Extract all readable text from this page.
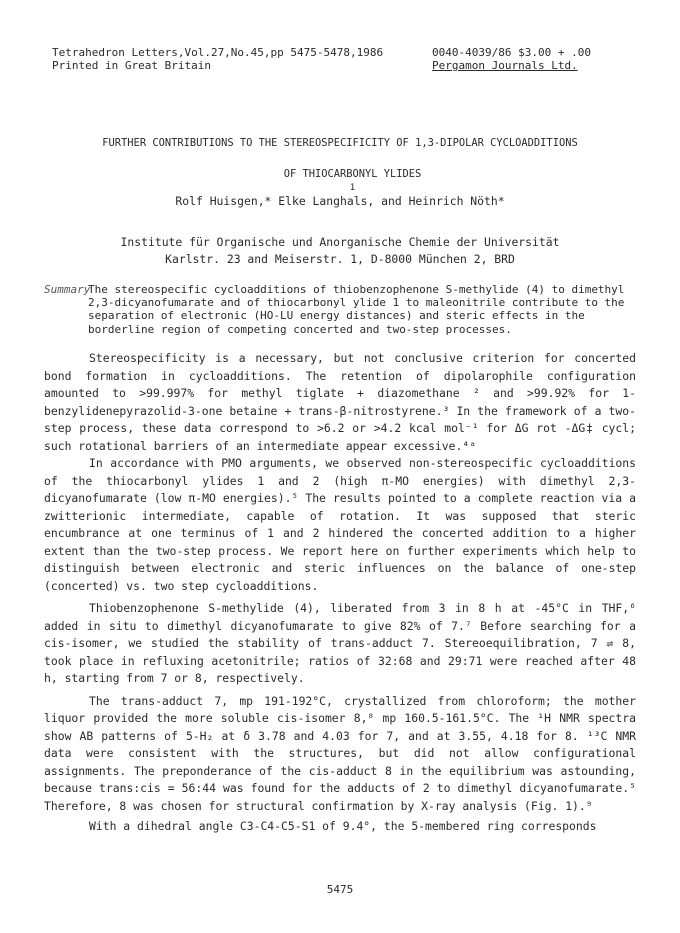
Tetrahedron Letters,Vol.27,No.45,pp 5475-5478,1986
Printed in Great Britain
0040-4039/86 $3.00 + .00
Pergamon Journals Ltd.
FURTHER CONTRIBUTIONS TO THE STEREOSPECIFICITY OF 1,3-DIPOLAR CYCLOADDITIONS

OF THIOCARBONYL YLIDES
$^1$

Rolf Huisgen,* Elke Langhals, and Heinrich Nöth*
Institute für Organische und Anorganische Chemie der Universität
Karlstr. 23 and Meiserstr. 1, D-8000 München 2, BRD
Summary
The stereospecific cycloadditions of thiobenzophenone S-methylide (4) to dimethyl 2,3-dicyanofumarate and of thiocarbonyl ylide 1 to maleonitrile contribute to the separation of electronic (HO-LU energy distances) and steric effects in the borderline region of competing concerted and two-step processes.

Stereospecificity is a necessary, but not conclusive criterion for concerted bond formation in cycloadditions. The retention of dipolarophile configuration amounted to >99.997% for methyl tiglate + diazomethane ² and >99.92% for 1-benzylidenepyrazolid-3-one betaine + trans-β-nitrostyrene.³ In the framework of a two-step process, these data correspond to >6.2 or >4.2 kcal mol⁻¹ for ΔG rot -ΔG‡ cycl; such rotational barriers of an intermediate appear excessive.⁴ᵃ

In accordance with PMO arguments, we observed non-stereospecific cycloadditions of the thiocarbonyl ylides 1 and 2 (high π-MO energies) with dimethyl 2,3-dicyanofumarate (low π-MO energies).⁵ The results pointed to a complete reaction via a zwitterionic intermediate, capable of rotation. It was supposed that steric encumbrance at one terminus of 1 and 2 hindered the concerted addition to a higher extent than the two-step process. We report here on further experiments which help to distinguish between electronic and steric influences on the balance of one-step (concerted) vs. two step cycloadditions.

Thiobenzophenone S-methylide (4), liberated from 3 in 8 h at -45°C in THF,⁶ added in situ to dimethyl dicyanofumarate to give 82% of 7.⁷ Before searching for a cis-isomer, we studied the stability of trans-adduct 7. Stereoequilibration, 7 ⇌ 8, took place in refluxing acetonitrile; ratios of 32:68 and 29:71 were reached after 48 h, starting from 7 or 8, respectively.

The trans-adduct 7, mp 191-192°C, crystallized from chloroform; the mother liquor provided the more soluble cis-isomer 8,⁸ mp 160.5-161.5°C. The ¹H NMR spectra show AB patterns of 5-H₂ at δ 3.78 and 4.03 for 7, and at 3.55, 4.18 for 8. ¹³C NMR data were consistent with the structures, but did not allow configurational assignments. The preponderance of the cis-adduct 8 in the equilibrium was astounding, because trans:cis = 56:44 was found for the adducts of 2 to dimethyl dicyanofumarate.⁵ Therefore, 8 was chosen for structural confirmation by X-ray analysis (Fig. 1).⁹

With a dihedral angle C3-C4-C5-S1 of 9.4°, the 5-membered ring corresponds

5475
